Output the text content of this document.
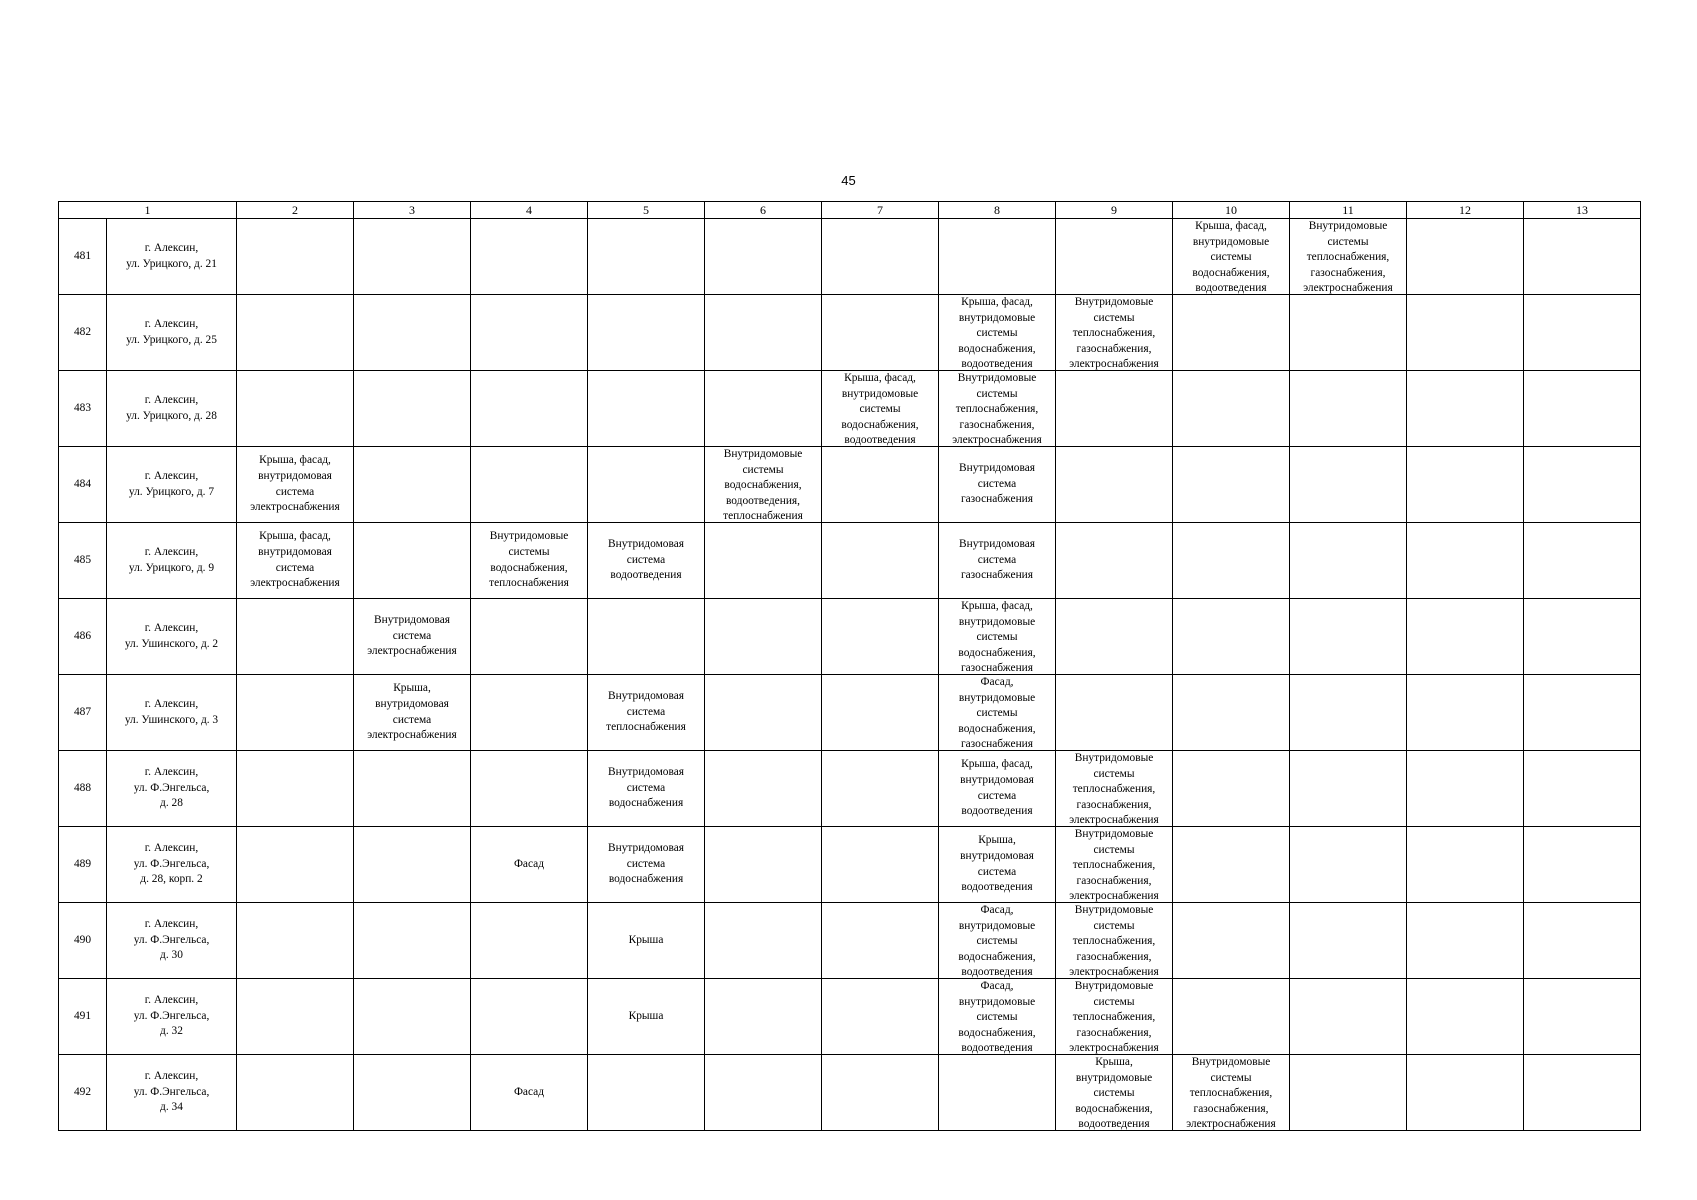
45
1		2	3	4	5	6	7	8	9	10	11	12	13
481	г. Алексин,
ул. Урицкого, д. 21									Крыша, фасад,
внутридомовые
системы
водоснабжения,
водоотведения	Внутридомовые
системы
теплоснабжения,
газоснабжения,
электроснабжения		

482	г. Алексин,
ул. Урицкого, д. 25							Крыша, фасад,
внутридомовые
системы
водоснабжения,
водоотведения	Внутридомовые
системы
теплоснабжения,
газоснабжения,
электроснабжения				

483	г. Алексин,
ул. Урицкого, д. 28						Крыша, фасад,
внутридомовые
системы
водоснабжения,
водоотведения	Внутридомовые
системы
теплоснабжения,
газоснабжения,
электроснабжения					

484	г. Алексин,
ул. Урицкого, д. 7	Крыша, фасад,
внутридомовая
система
электроснабжения				Внутридомовые
системы
водоснабжения,
водоотведения,
теплоснабжения		Внутридомовая
система
газоснабжения					

485	г. Алексин,
ул. Урицкого, д. 9	Крыша, фасад,
внутридомовая
система
электроснабжения		Внутридомовые
системы
водоснабжения,
теплоснабжения	Внутридомовая
система
водоотведения			Внутридомовая
система
газоснабжения					

486	г. Алексин,
ул. Ушинского, д. 2		Внутридомовая
система
электроснабжения					Крыша, фасад,
внутридомовые
системы
водоснабжения,
газоснабжения					

487	г. Алексин,
ул. Ушинского, д. 3		Крыша,
внутридомовая
система
электроснабжения		Внутридомовая
система
теплоснабжения			Фасад,
внутридомовые
системы
водоснабжения,
газоснабжения					

488	г. Алексин,
ул. Ф.Энгельса,
д. 28				Внутридомовая
система
водоснабжения			Крыша, фасад,
внутридомовая
система
водоотведения	Внутридомовые
системы
теплоснабжения,
газоснабжения,
электроснабжения				

489	г. Алексин,
ул. Ф.Энгельса,
д. 28, корп. 2			Фасад	Внутридомовая
система
водоснабжения			Крыша,
внутридомовая
система
водоотведения	Внутридомовые
системы
теплоснабжения,
газоснабжения,
электроснабжения				

490	г. Алексин,
ул. Ф.Энгельса,
д. 30				Крыша			Фасад,
внутридомовые
системы
водоснабжения,
водоотведения	Внутридомовые
системы
теплоснабжения,
газоснабжения,
электроснабжения				

491	г. Алексин,
ул. Ф.Энгельса,
д. 32				Крыша			Фасад,
внутридомовые
системы
водоснабжения,
водоотведения	Внутридомовые
системы
теплоснабжения,
газоснабжения,
электроснабжения				

492	г. Алексин,
ул. Ф.Энгельса,
д. 34			Фасад					Крыша,
внутридомовые
системы
водоснабжения,
водоотведения	Внутридомовые
системы
теплоснабжения,
газоснабжения,
электроснабжения			
